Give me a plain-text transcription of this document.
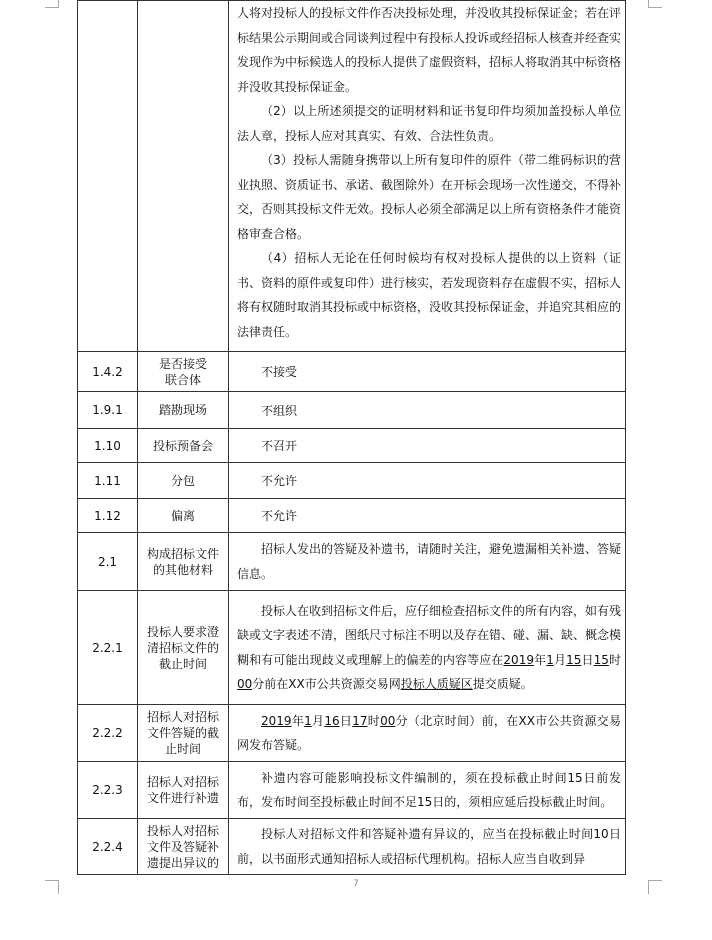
		人将对投标人的投标文件作否决投标处理，并没收其投标保证金；若在评标结果公示期间或合同谈判过程中有投标人投诉或经招标人核查并经查实发现作为中标候选人的投标人提供了虚假资料，招标人将取消其中标资格并没收其投标保证金。

（2）以上所述须提交的证明材料和证书复印件均须加盖投标人单位法人章，投标人应对其真实、有效、合法性负责。

（3）投标人需随身携带以上所有复印件的原件（带二维码标识的营业执照、资质证书、承诺、截图除外）在开标会现场一次性递交，不得补交，否则其投标文件无效。投标人必须全部满足以上所有资格条件才能资格审查合格。

（4）招标人无论在任何时候均有权对投标人提供的以上资料（证书、资料的原件或复印件）进行核实，若发现资料存在虚假不实，招标人将有权随时取消其投标或中标资格，没收其投标保证金，并追究其相应的法律责任。

1.4.2	是否接受联合体	不接受
1.9.1	踏勘现场	不组织
1.10	投标预备会	不召开
1.11	分包	不允许
1.12	偏离	不允许
2.1	构成招标文件的其他材料	招标人发出的答疑及补遗书，请随时关注，避免遗漏相关补遗、答疑信息。

2.2.1	投标人要求澄清招标文件的截止时间	投标人在收到招标文件后，应仔细检查招标文件的所有内容，如有残缺或文字表述不清，图纸尺寸标注不明以及存在错、碰、漏、缺、概念模糊和有可能出现歧义或理解上的偏差的内容等应在2019年1月15日15时00分前在XX市公共资源交易网投标人质疑区提交质疑。

2.2.2	招标人对招标文件答疑的截止时间	2019年1月16日17时00分（北京时间）前，在XX市公共资源交易网发布答疑。

2.2.3	招标人对招标文件进行补遗	补遗内容可能影响投标文件编制的，须在投标截止时间15日前发布，发布时间至投标截止时间不足15日的，须相应延后投标截止时间。

2.2.4	投标人对招标文件及答疑补遗提出异议的	投标人对招标文件和答疑补遗有异议的，应当在投标截止时间10日前，以书面形式通知招标人或招标代理机构。招标人应当自收到异

7
